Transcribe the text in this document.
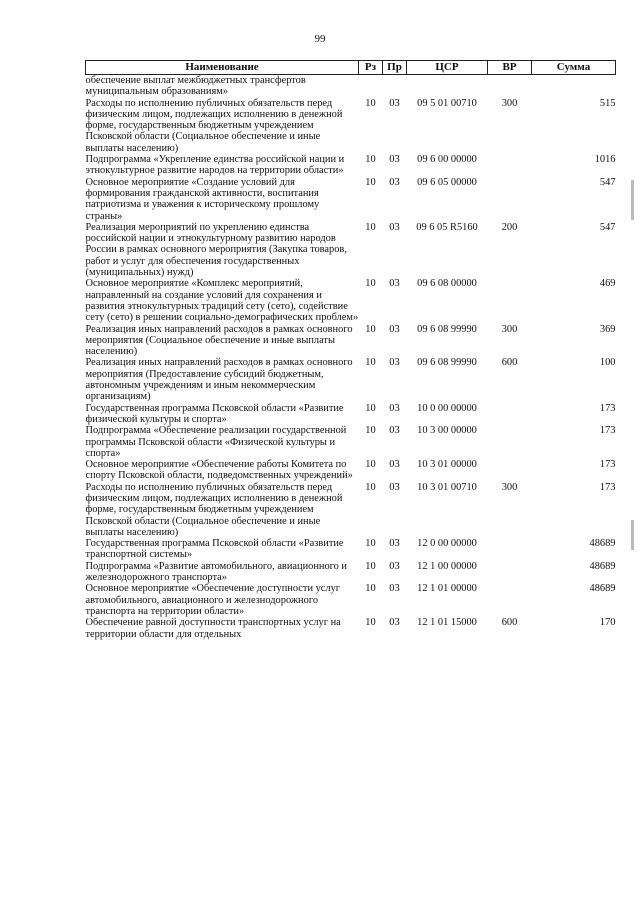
99
Наименование	Рз	Пр	ЦСР	ВР	Сумма
обеспечение выплат межбюджетных трансфертов муниципальным образованиям»					
Расходы по исполнению публичных обязательств перед физическим лицом, подлежащих исполнению в денежной форме, государственным бюджетным учреждением Псковской области (Социальное обеспечение и иные выплаты населению)	10	03	09 5 01 00710	300	515
Подпрограмма «Укрепление единства российской нации и этнокультурное развитие народов на территории области»	10	03	09 6 00 00000		1016
Основное мероприятие «Создание условий для формирования гражданской активности, воспитания патриотизма и уважения к историческому прошлому страны»	10	03	09 6 05 00000		547
Реализация мероприятий по укреплению единства российской нации и этнокультурному развитию народов России в рамках основного мероприятия (Закупка товаров, работ и услуг для обеспечения государственных (муниципальных) нужд)	10	03	09 6 05 R5160	200	547
Основное мероприятие «Комплекс мероприятий, направленный на создание условий для сохранения и развития этнокультурных традиций сету (сето), содействие сету (сето) в решении социально-демографических проблем»	10	03	09 6 08 00000		469
Реализация иных направлений расходов в рамках основного мероприятия (Социальное обеспечение и иные выплаты населению)	10	03	09 6 08 99990	300	369
Реализация иных направлений расходов в рамках основного мероприятия (Предоставление субсидий бюджетным, автономным учреждениям и иным некоммерческим организациям)	10	03	09 6 08 99990	600	100
Государственная программа Псковской области «Развитие физической культуры и спорта»	10	03	10 0 00 00000		173
Подпрограмма «Обеспечение реализации государственной программы Псковской области «Физической культуры и спорта»	10	03	10 3 00 00000		173
Основное мероприятие «Обеспечение работы Комитета по спорту Псковской области, подведомственных учреждений»	10	03	10 3 01 00000		173
Расходы по исполнению публичных обязательств перед физическим лицом, подлежащих исполнению в денежной форме, государственным бюджетным учреждением Псковской области (Социальное обеспечение и иные выплаты населению)	10	03	10 3 01 00710	300	173
Государственная программа Псковской области «Развитие транспортной системы»	10	03	12 0 00 00000		48689
Подпрограмма «Развитие автомобильного, авиационного и железнодорожного транспорта»	10	03	12 1 00 00000		48689
Основное мероприятие «Обеспечение доступности услуг автомобильного, авиационного и железнодорожного транспорта на территории области»	10	03	12 1 01 00000		48689
Обеспечение равной доступности транспортных услуг на территории области для отдельных	10	03	12 1 01 15000	600	170
